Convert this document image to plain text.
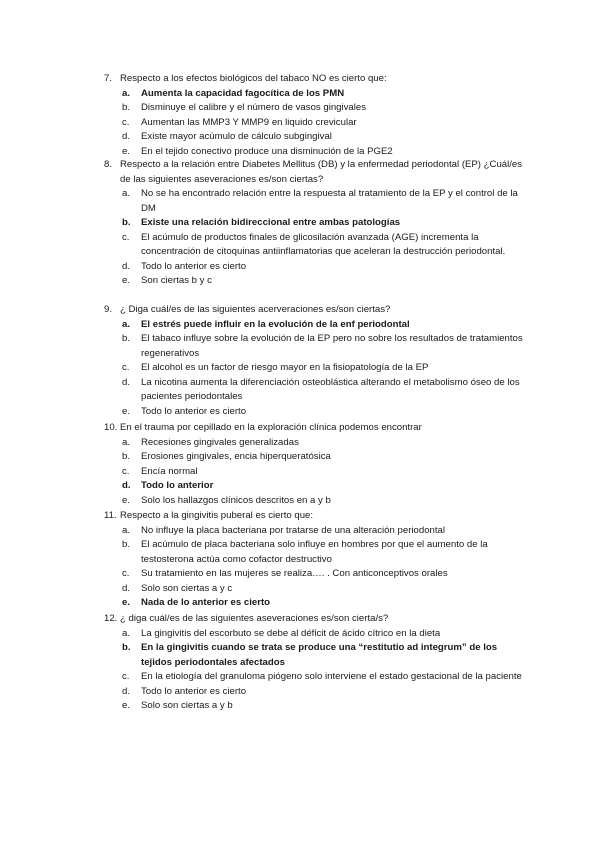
7. Respecto a los efectos biológicos del tabaco NO es cierto que:
a. Aumenta la capacidad fagocítica de los PMN
b. Disminuye el calibre y el número de vasos gingivales
c. Aumentan las MMP3 Y MMP9 en liquido crevicular
d. Existe mayor acúmulo de cálculo subgingival
e. En el tejido conectivo produce una disminución de la PGE2
8. Respecto a la relación entre Diabetes Mellitus (DB) y la enfermedad periodontal (EP) ¿Cuál/es de las siguientes aseveraciones es/son ciertas?
a. No se ha encontrado relación entre la respuesta al tratamiento de la EP y el control de la DM
b. Existe una relación bidireccional entre ambas patologías
c. El acúmulo de productos finales de glicosilación avanzada (AGE) incrementa la concentración de citoquinas antiinflamatorias que aceleran la destrucción periodontal.
d. Todo lo anterior es cierto
e. Son ciertas b y c
9. ¿ Diga cuál/es de las siguientes acerveraciones es/son ciertas?
a. El estrés puede influir en la evolución de la enf periodontal
b. El tabaco influye sobre la evolución de la EP pero no sobre los resultados de tratamientos regenerativos
c. El alcohol es un factor de riesgo mayor en la fisiopatología de la EP
d. La nicotina aumenta la diferenciación osteoblástica alterando el metabolismo óseo de los pacientes periodontales
e. Todo lo anterior es cierto
10. En el trauma por cepillado en la exploración clínica podemos encontrar
a. Recesiones gingivales generalizadas
b. Erosiones gingivales, encia hiperqueratósica
c. Encía normal
d. Todo lo anterior
e. Solo los hallazgos clínicos descritos en a y b
11. Respecto a la gingivitis puberal es cierto que:
a. No influye la placa bacteriana por tratarse de una alteración periodontal
b. El acúmulo de placa bacteriana solo influye en hombres por que el aumento de la testosterona actúa como cofactor destructivo
c. Su tratamiento en las mujeres se realiza…. . Con anticonceptivos orales
d. Solo son ciertas a y c
e. Nada de lo anterior es cierto
12. ¿ diga cuál/es de las siguientes aseveraciones es/son cierta/s?
a. La gingivitis del escorbuto se debe al déficit de ácido cítrico en la dieta
b. En la gingivitis cuando se trata se produce una “restitutio ad integrum” de los tejidos periodontales afectados
c. En la etiología del granuloma piógeno solo interviene el estado gestacional de la paciente
d. Todo lo anterior es cierto
e. Solo son ciertas a y b
